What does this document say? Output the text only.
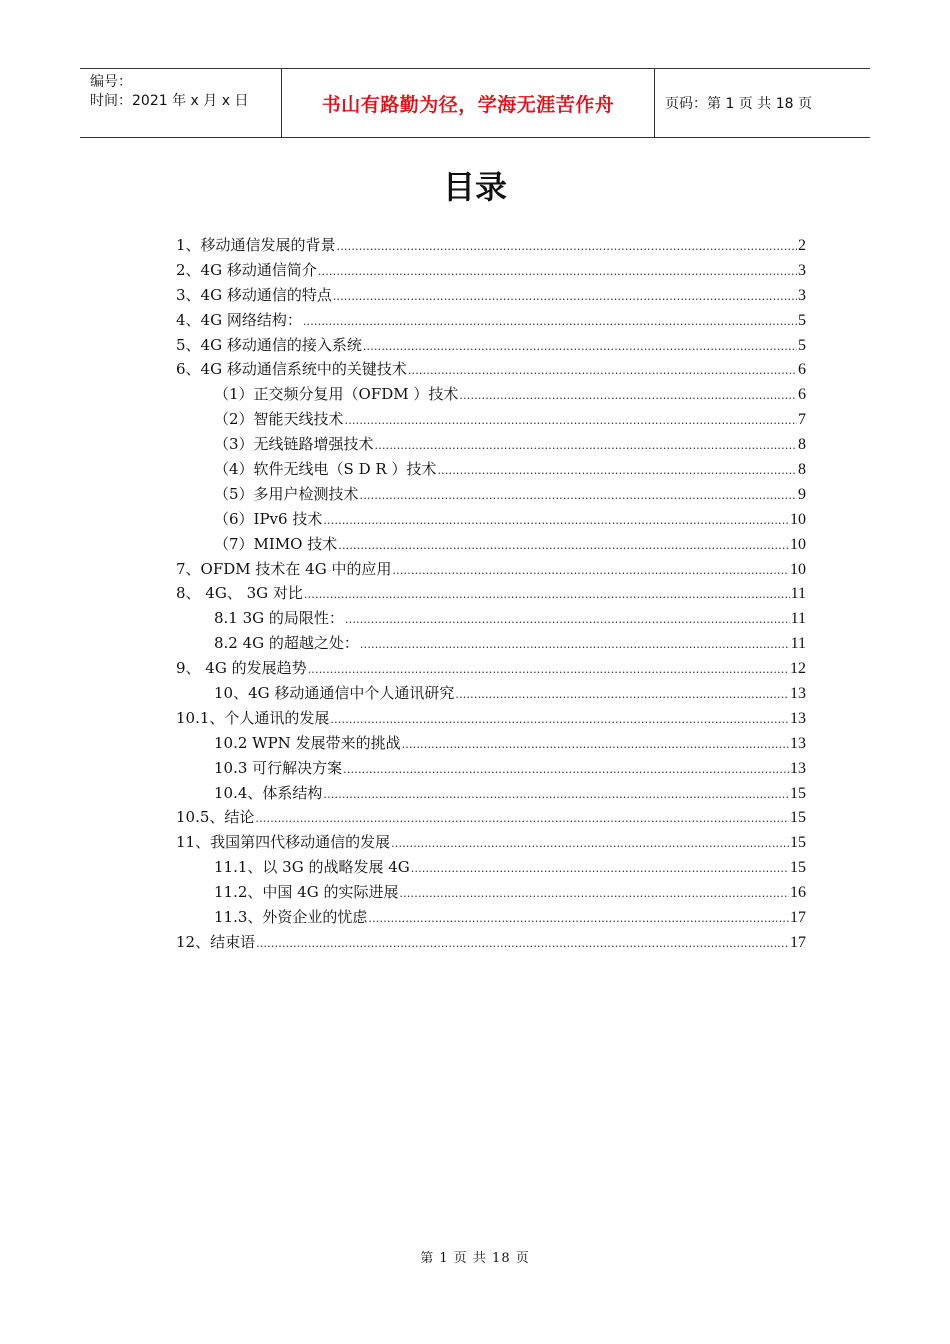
编号：
时间：2021 年 x 月 x 日	书山有路勤为径，学海无涯苦作舟	页码：第 1 页 共 18 页
目录
1、移动通信发展的背景 .....	2
2、4G 移动通信简介 .....	3
3、4G 移动通信的特点 .....	3
4、4G 网络结构： .....	5
5、4G 移动通信的接入系统 .....	5
6、4G 移动通信系统中的关键技术 .....	6
（1）正交频分复用（OFDM ）技术 .....	6
（2）智能天线技术 .....	7
（3）无线链路增强技术 .....	8
（4）软件无线电（S D R ）技术 .....	8
（5）多用户检测技术 .....	9
（6）IPv6 技术 .....	10
（7）MIMO 技术 .....	10
7、OFDM 技术在 4G 中的应用 .....	10
8、 4G、 3G 对比 .....	11
8.1 3G 的局限性： .....	11
8.2 4G 的超越之处： .....	11
9、 4G 的发展趋势 .....	12
10、4G 移动通通信中个人通讯研究 .....	13
10.1、个人通讯的发展 .....	13
10.2 WPN 发展带来的挑战 .....	13
10.3 可行解决方案 .....	13
10.4、体系结构 .....	15
10.5、结论 .....	15
11、我国第四代移动通信的发展 .....	15
11.1、以 3G 的战略发展 4G .....	15
11.2、中国 4G 的实际进展 .....	16
11.3、外资企业的忧虑 .....	17
12、结束语 .....	17
第 1 页 共 18 页
